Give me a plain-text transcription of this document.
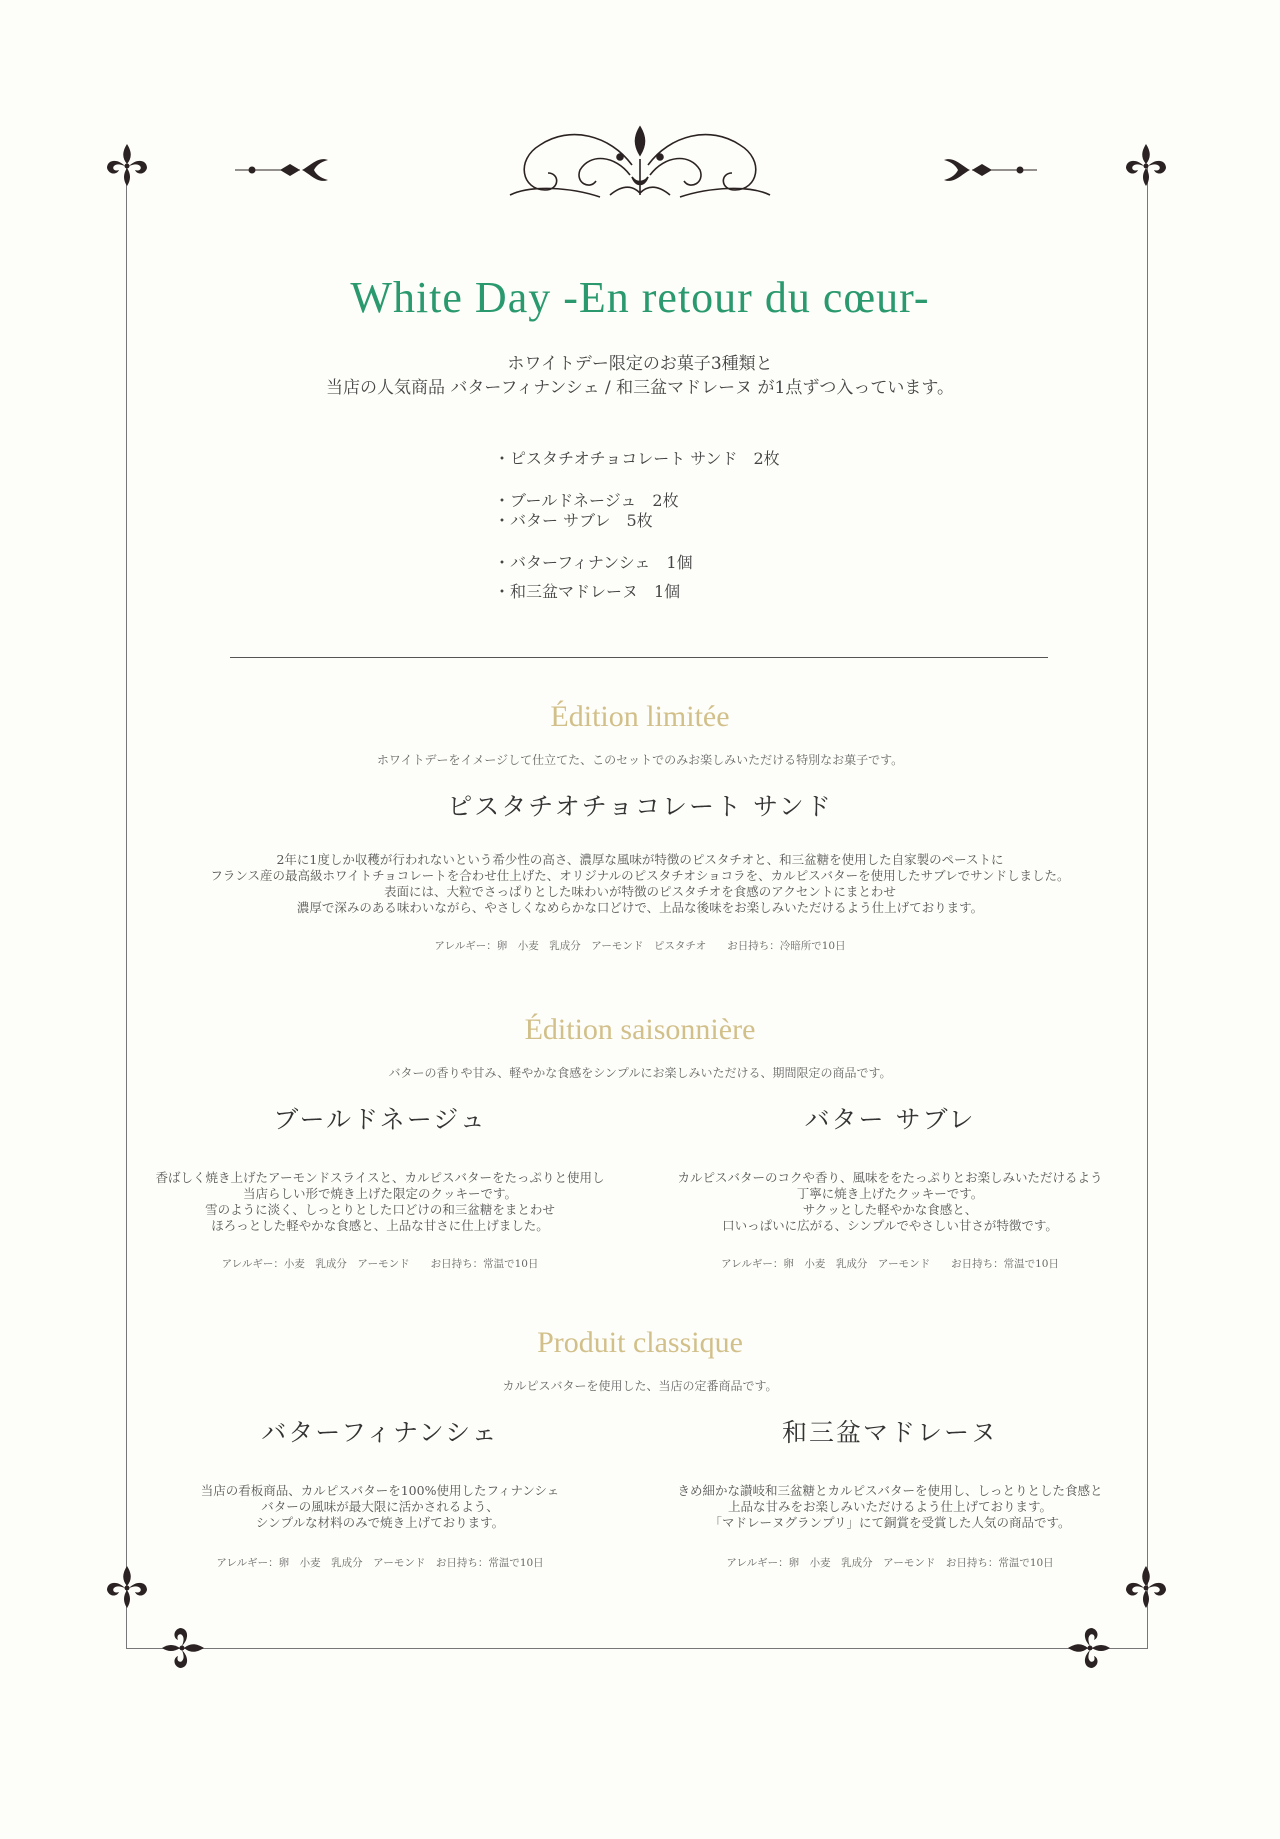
White Day -En retour du cœur-
ホワイトデー限定のお菓子3種類と
当店の人気商品 バターフィナンシェ / 和三盆マドレーヌ が1点ずつ入っています。
・ピスタチオチョコレート サンド　2枚
・ブールドネージュ　2枚
・バター サブレ　5枚
・バターフィナンシェ　1個
・和三盆マドレーヌ　1個
Édition limitée
ホワイトデーをイメージして仕立てた、このセットでのみお楽しみいただける特別なお菓子です。
ピスタチオチョコレート サンド
2年に1度しか収穫が行われないという希少性の高さ、濃厚な風味が特徴のピスタチオと、和三盆糖を使用した自家製のペーストに
フランス産の最高級ホワイトチョコレートを合わせ仕上げた、オリジナルのピスタチオショコラを、カルピスバターを使用したサブレでサンドしました。
表面には、大粒でさっぱりとした味わいが特徴のピスタチオを食感のアクセントにまとわせ
濃厚で深みのある味わいながら、やさしくなめらかな口どけで、上品な後味をお楽しみいただけるよう仕上げております。
アレルギー：卵　小麦　乳成分　アーモンド　ピスタチオ　　お日持ち：冷暗所で10日
Édition saisonnière
バターの香りや甘み、軽やかな食感をシンプルにお楽しみいただける、期間限定の商品です。
ブールドネージュ
香ばしく焼き上げたアーモンドスライスと、カルピスバターをたっぷりと使用し
当店らしい形で焼き上げた限定のクッキーです。
雪のように淡く、しっとりとした口どけの和三盆糖をまとわせ
ほろっとした軽やかな食感と、上品な甘さに仕上げました。
アレルギー：小麦　乳成分　アーモンド　　お日持ち：常温で10日
バター サブレ
カルピスバターのコクや香り、風味ををたっぷりとお楽しみいただけるよう
丁寧に焼き上げたクッキーです。
サクッとした軽やかな食感と、
口いっぱいに広がる、シンプルでやさしい甘さが特徴です。
アレルギー：卵　小麦　乳成分　アーモンド　　お日持ち：常温で10日
Produit classique
カルピスバターを使用した、当店の定番商品です。
バターフィナンシェ
当店の看板商品、カルピスバターを100%使用したフィナンシェ
バターの風味が最大限に活かされるよう、
シンプルな材料のみで焼き上げております。
アレルギー：卵　小麦　乳成分　アーモンド　お日持ち：常温で10日
和三盆マドレーヌ
きめ細かな讃岐和三盆糖とカルピスバターを使用し、しっとりとした食感と
上品な甘みをお楽しみいただけるよう仕上げております。
「マドレーヌグランプリ」にて銅賞を受賞した人気の商品です。
アレルギー：卵　小麦　乳成分　アーモンド　お日持ち：常温で10日
